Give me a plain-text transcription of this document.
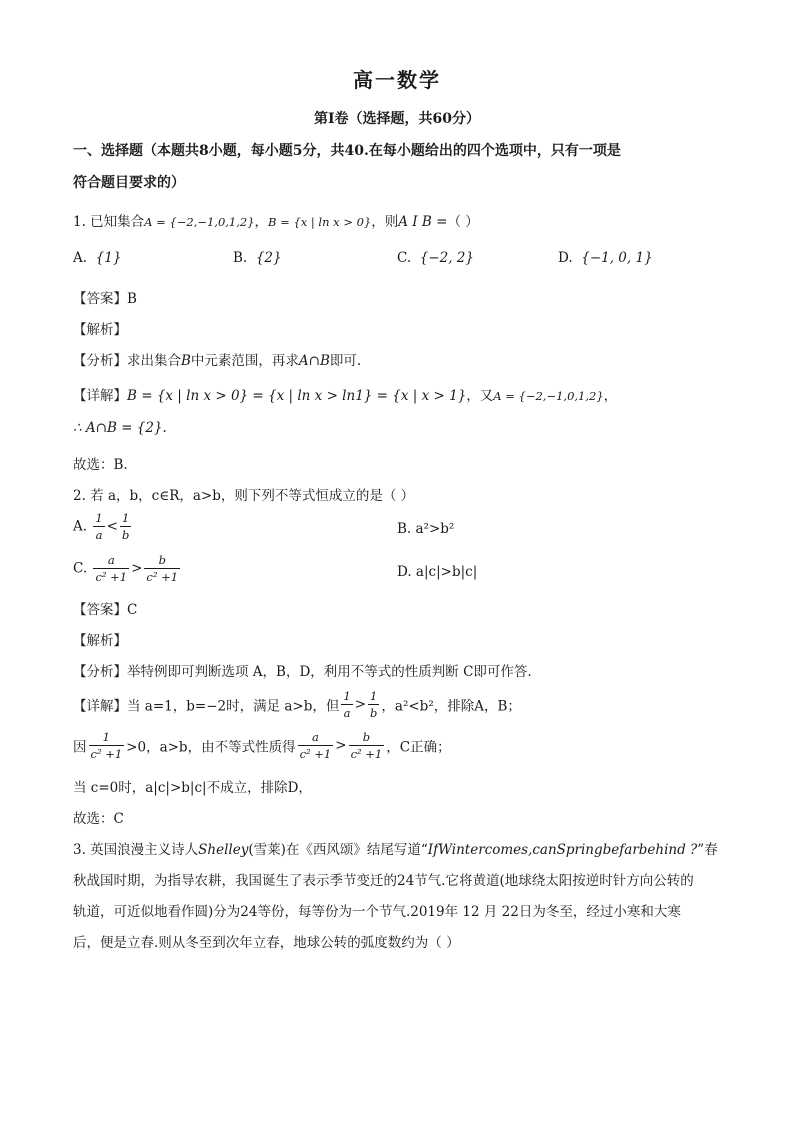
高一数学
第I卷（选择题，共60分）
一、选择题（本题共8小题，每小题5分，共40.在每小题给出的四个选项中，只有一项是
符合题目要求的）
1. 已知集合A = {−2,−1,0,1,2}，B = {x | ln x > 0}，则A I B =（ ）
A. {1}	B. {2}	C. {−2, 2}	D. {−1, 0, 1}
【答案】B
【解析】
【分析】求出集合B中元素范围，再求A∩B即可.
【详解】B = {x | ln x > 0} = {x | ln x > ln1} = {x | x > 1}，又A = {−2,−1,0,1,2}，
∴ A∩B = {2}.
故选：B.
2. 若 a，b，c∈R，a>b，则下列不等式恒成立的是（ ）
A. $\frac{1}{a} < \frac{1}{b}$	B. a²>b²
C. $\frac{a}{\text{c² +1}} > \frac{b}{\text{c² +1}}$	D. a|c|>b|c|
【答案】C
【解析】
【分析】举特例即可判断选项 A，B，D，利用不等式的性质判断 C即可作答.
【详解】当 a=1，b=−2时，满足 a>b，但 $\frac{1}{a} > \frac{1}{b}$ ，a²<b²，排除A，B；
因 $\frac{1}{\text{c² +1}} >0$，a>b，由不等式性质得 $\frac{a}{\text{c² +1}} > \frac{b}{\text{c² +1}}$ ，C正确；
当 c=0时，a|c|>b|c|不成立，排除D，
故选：C
3. 英国浪漫主义诗人Shelley(雪莱)在《西风颂》结尾写道“IfWintercomes,canSpringbefarbehind ?”春
秋战国时期，为指导农耕，我国诞生了表示季节变迁的24节气.它将黄道(地球绕太阳按逆时针方向公转的
轨道，可近似地看作圆)分为24等份，每等份为一个节气.2019年 12 月 22日为冬至，经过小寒和大寒
后，便是立春.则从冬至到次年立春，地球公转的弧度数约为（ ）
